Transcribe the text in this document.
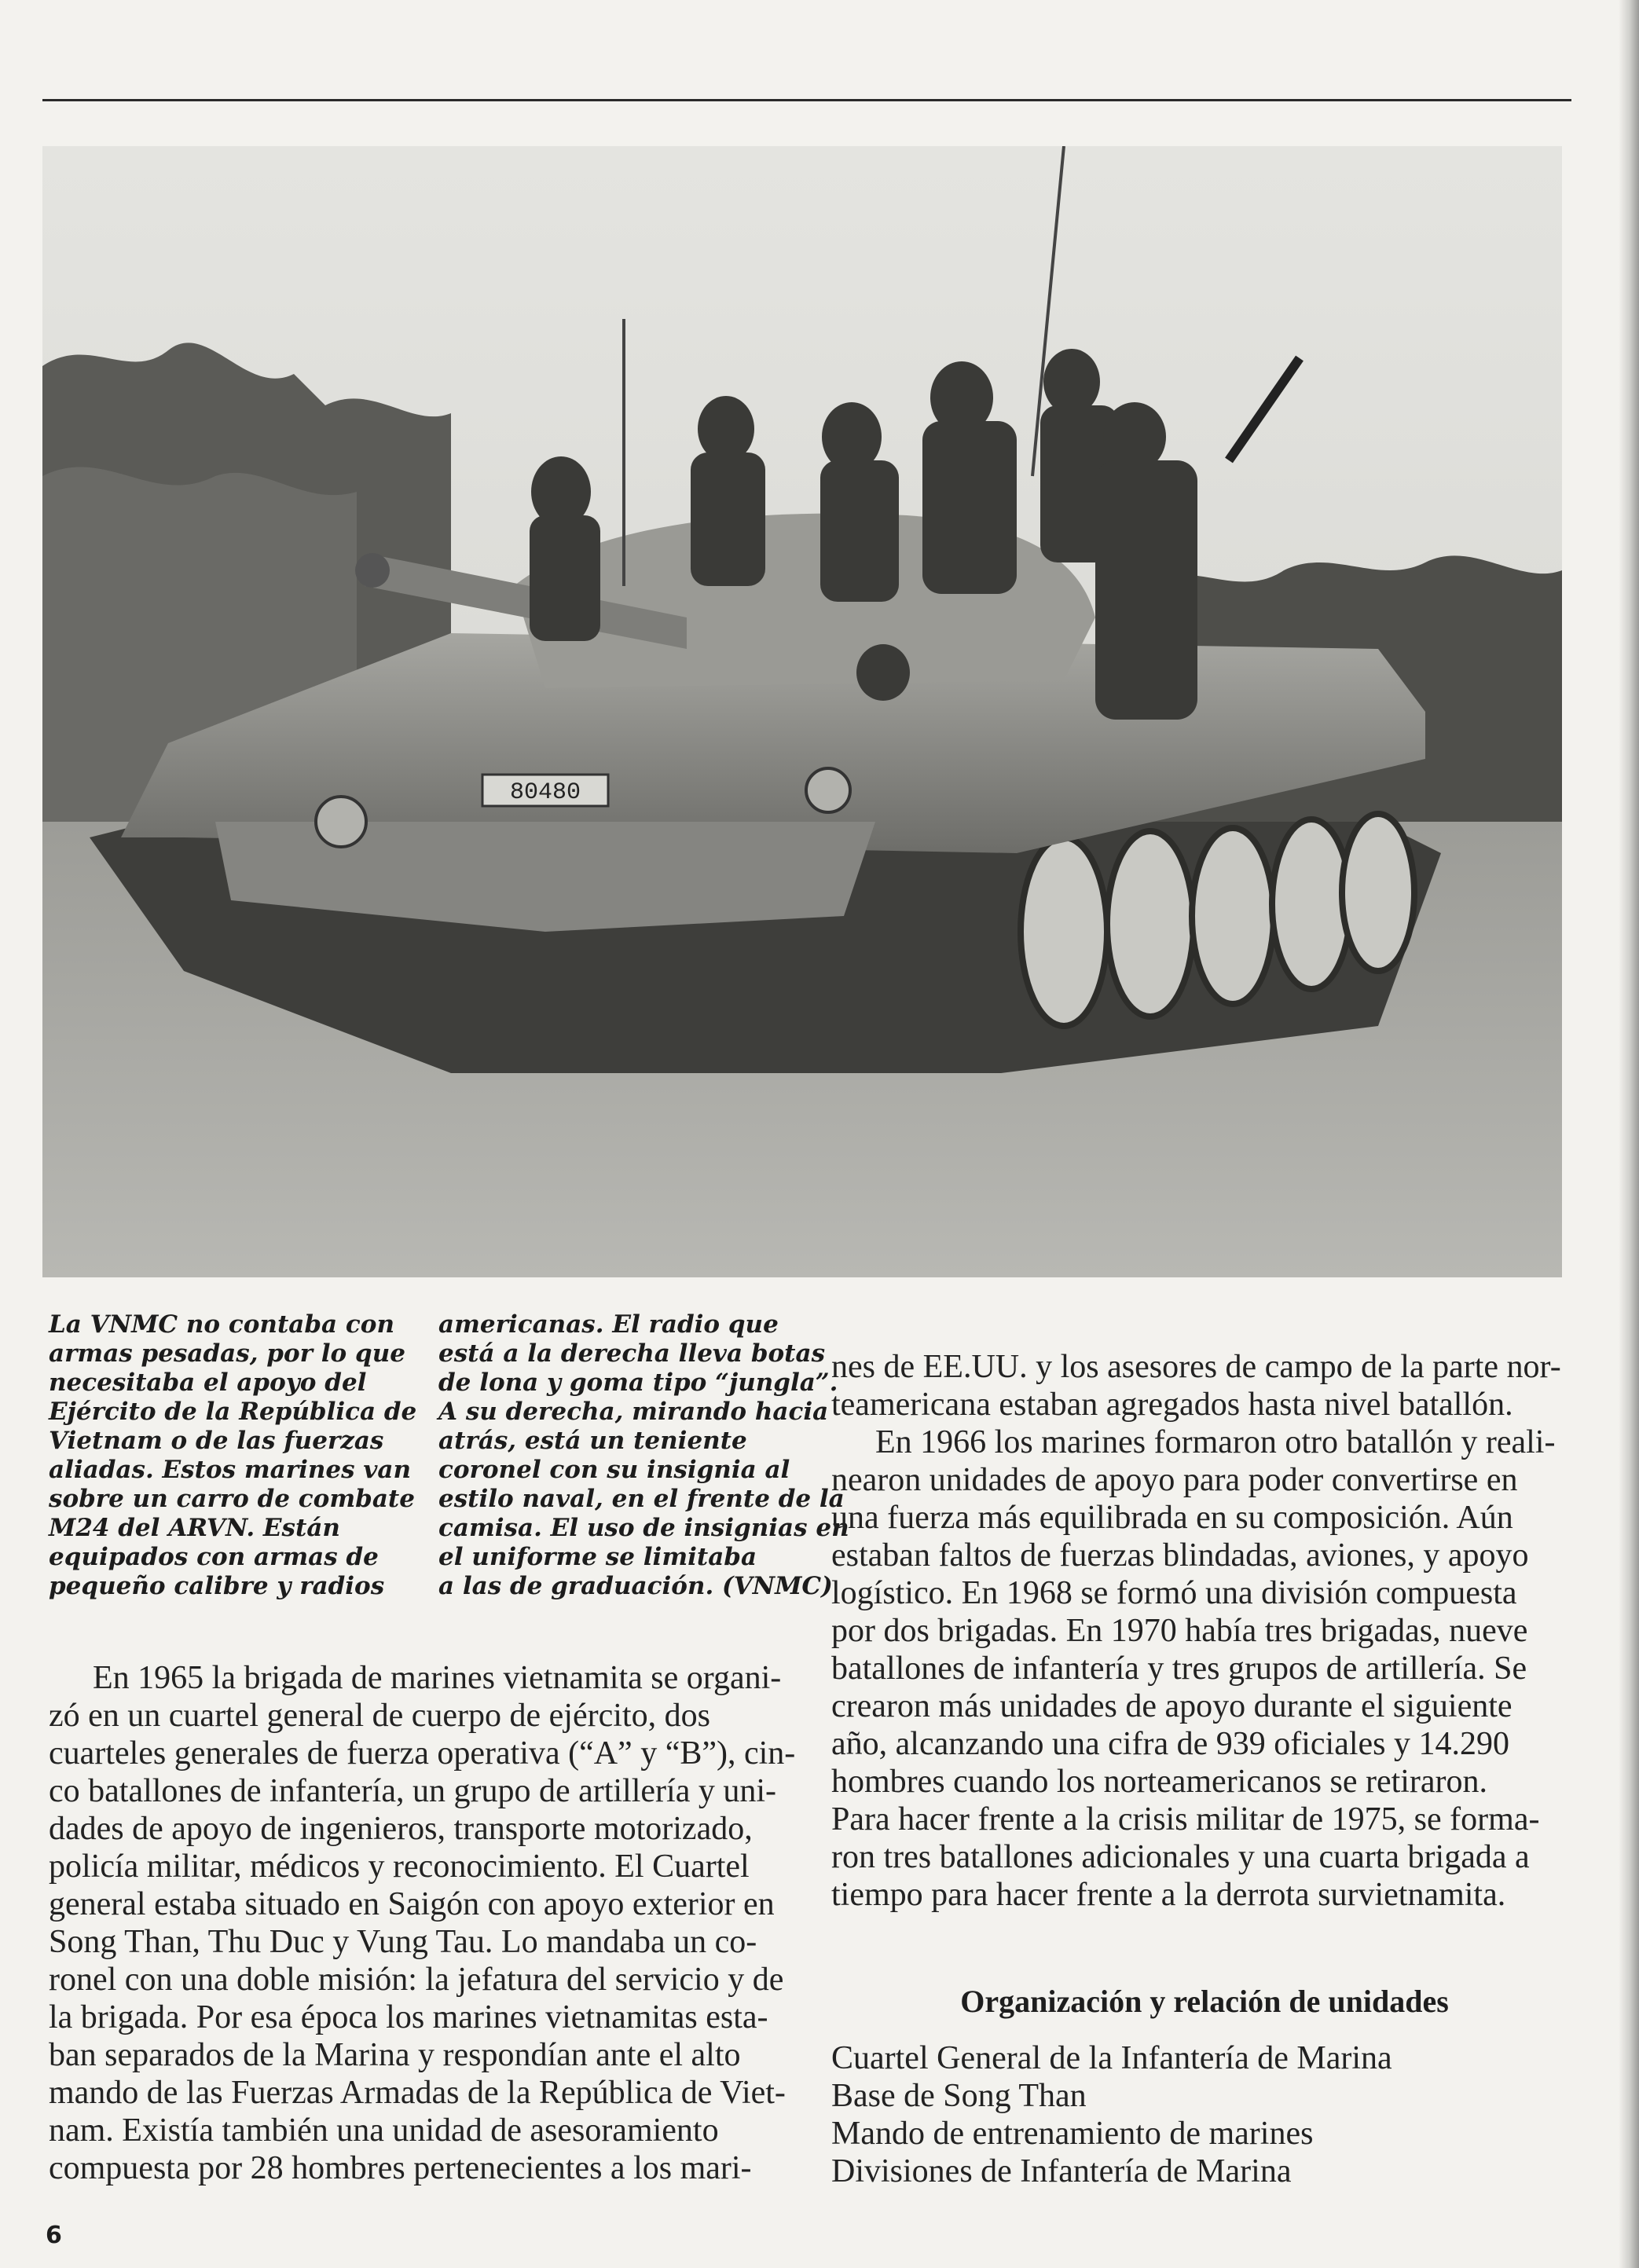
80480
La VNMC no contaba con
armas pesadas, por lo que
necesitaba el apoyo del
Ejército de la República de
Vietnam o de las fuerzas
aliadas. Estos marines van
sobre un carro de combate
M24 del ARVN. Están
equipados con armas de
pequeño calibre y radios
americanas. El radio que
está a la derecha lleva botas
de lona y goma tipo “jungla”.
A su derecha, mirando hacia
atrás, está un teniente
coronel con su insignia al
estilo naval, en el frente de la
camisa. El uso de insignias en
el uniforme se limitaba
a las de graduación. (VNMC)
En 1965 la brigada de marines vietnamita se organi-
zó en un cuartel general de cuerpo de ejército, dos
cuarteles generales de fuerza operativa (“A” y “B”), cin-
co batallones de infantería, un grupo de artillería y uni-
dades de apoyo de ingenieros, transporte motorizado,
policía militar, médicos y reconocimiento. El Cuartel
general estaba situado en Saigón con apoyo exterior en
Song Than, Thu Duc y Vung Tau. Lo mandaba un co-
ronel con una doble misión: la jefatura del servicio y de
la brigada. Por esa época los marines vietnamitas esta-
ban separados de la Marina y respondían ante el alto
mando de las Fuerzas Armadas de la República de Viet-
nam. Existía también una unidad de asesoramiento
compuesta por 28 hombres pertenecientes a los mari-
nes de EE.UU. y los asesores de campo de la parte nor-
teamericana estaban agregados hasta nivel batallón.
En 1966 los marines formaron otro batallón y reali-
nearon unidades de apoyo para poder convertirse en
una fuerza más equilibrada en su composición. Aún
estaban faltos de fuerzas blindadas, aviones, y apoyo
logístico. En 1968 se formó una división compuesta
por dos brigadas. En 1970 había tres brigadas, nueve
batallones de infantería y tres grupos de artillería. Se
crearon más unidades de apoyo durante el siguiente
año, alcanzando una cifra de 939 oficiales y 14.290
hombres cuando los norteamericanos se retiraron.
Para hacer frente a la crisis militar de 1975, se forma-
ron tres batallones adicionales y una cuarta brigada a
tiempo para hacer frente a la derrota survietnamita.
Organización y relación de unidades
Cuartel General de la Infantería de Marina
Base de Song Than
Mando de entrenamiento de marines
Divisiones de Infantería de Marina
6
